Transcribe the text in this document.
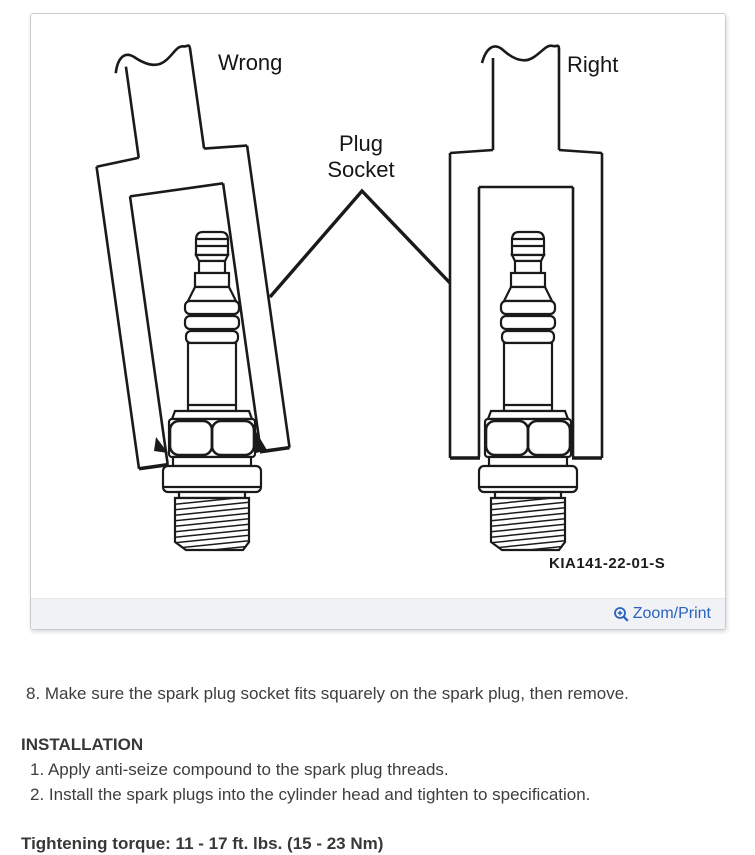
Wrong	Right
Plug
Socket
KIA141-22-01-S
Zoom/Print
8. Make sure the spark plug socket fits squarely on the spark plug, then remove.
INSTALLATION
1. Apply anti-seize compound to the spark plug threads.
2. Install the spark plugs into the cylinder head and tighten to specification.
Tightening torque: 11 - 17 ft. lbs. (15 - 23 Nm)
